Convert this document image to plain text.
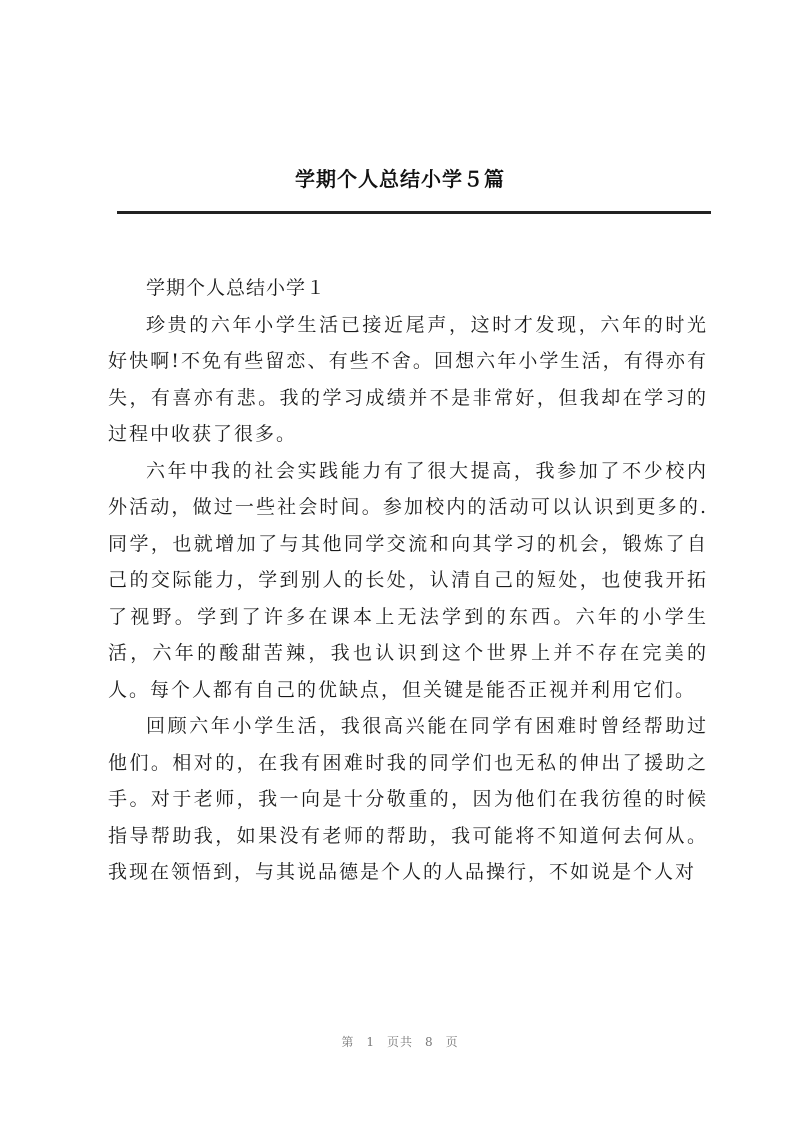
学期个人总结小学５篇

学期个人总结小学１

珍贵的六年小学生活已接近尾声，这时才发现，六年的时光好快啊!不免有些留恋、有些不舍。回想六年小学生活，有得亦有失，有喜亦有悲。我的学习成绩并不是非常好，但我却在学习的过程中收获了很多。

六年中我的社会实践能力有了很大提高，我参加了不少校内外活动，做过一些社会时间。参加校内的活动可以认识到更多的.同学，也就增加了与其他同学交流和向其学习的机会，锻炼了自己的交际能力，学到别人的长处，认清自己的短处，也使我开拓了视野。学到了许多在课本上无法学到的东西。六年的小学生活，六年的酸甜苦辣，我也认识到这个世界上并不存在完美的人。每个人都有自己的优缺点，但关键是能否正视并利用它们。

回顾六年小学生活，我很高兴能在同学有困难时曾经帮助过他们。相对的，在我有困难时我的同学们也无私的伸出了援助之手。对于老师，我一向是十分敬重的，因为他们在我彷徨的时候指导帮助我，如果没有老师的帮助，我可能将不知道何去何从。我现在领悟到，与其说品德是个人的人品操行，不如说是个人对

第 1 页共 8 页
